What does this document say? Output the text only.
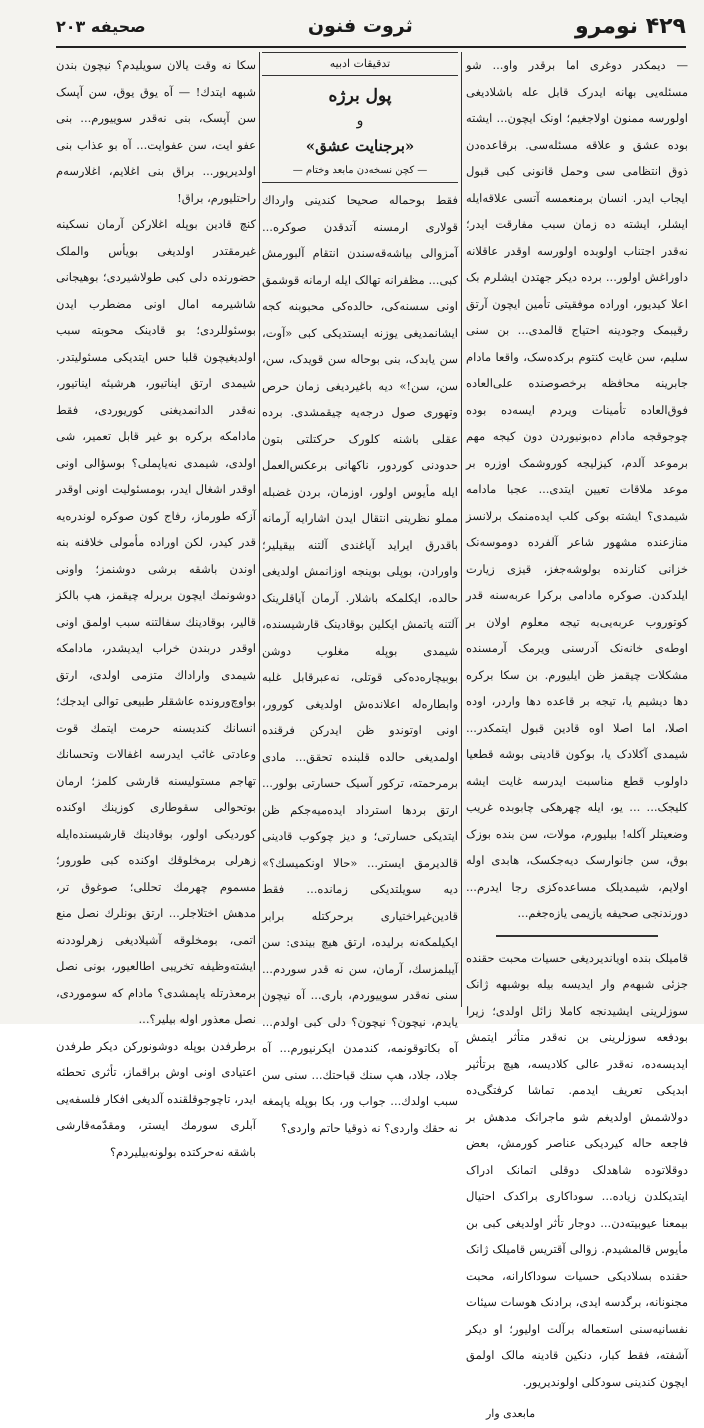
۴۲۹ نومرو
ثروت فنون
صحیفه ۲۰۳

— دیمکدر دوغری اما برقدر واو... شو مسئله‌یی بهانه ایدرک قابل عله باشلادیغی اولورسه ممنون اولاجغیم؛ اونک ایچون... ایشته بوده عشق و علاقه مسئله‌سی. برقاعده‌دن ذوق انتظامی سی وحمل قانونی کبی قبول ایجاب ایدر. انسان برمنعمسه آتسی علاقه‌ایله ایشلر، ایشته ده زمان سبب مفارقت ایدر؛ نه‌قدر اجتناب اولوبده اولورسه اوقدر عاقلانه داوراغش اولور... برده دیکر جهتدن ایشلرم بک اعلا کیدیور، اوراده موفقیتی تأمین ایچون آرتق رقیبمک وجودینه احتیاج قالمدی... بن سنی سلیم، سن غایت کنتوم برکده‌سک، واقعا مادام جابرینه محافظه برخصوصنده علی‌العاده فوق‌العاده تأمینات ویردم ایسه‌ده بوده چوجوقجه مادام ده‌بونیوردن دون کیجه مهم برموعد آلدم، کیزلیجه کوروشمک اوزره بر موعد ملاقات تعیین ایتدی... عجبا مادامه شیمدی؟ ایشته بوکی کلب ایده‌منمک برلانسز منازعنده مشهور شاعر آلفرده دوموسه‌نک خزانی کنارنده بولوشه‌جغز، قیزی زیارت ایلدکدن. صوکره مادامی برکرا عربه‌سنه قدر کوتوروب عربه‌یی‌به تیجه معلوم اولان بر اوطه‌ی خانه‌نک آدرسنی ویرمک آرمسنده مشکلات چیقمز ظن ایلیورم. بن سکا برکره دها دیشیم یا، تیجه بر قاعده دها واردر، اوده اصلا، اما اصلا اوه قادین قبول ایتمکدر... شیمدی آکلادک یا، بوکون قادینی بوشه قطعیا داولوب قطع مناسبت ایدرسه غایت ایشه کلیجک... ... یو، ایله چهرهکی چابوبده غریب وضعیتلر آکله! بیلیورم، مولات، سن بنده بوزک بوق، سن جانوارسک دیه‌جکسک، هابدی اوله اولایم، شیمدیلک مساعده‌کزی رجا ایدرم... دورندنجی صحیفه یازیمی یازه‌جغم...

قامیلک بنده اویاندیردیغی حسیات محبت حقنده جزئی شبهه‌م وار ایدیسه بیله بوشبهه‌ ژانک سوزلرینی ایشیدنجه کاملا زائل اولدی؛ زیرا بودفعه سوزلرینی بن نه‌قدر متأثر ایتمش ایدیسه‌ده، نه‌قدر عالی کلادیسه، هیچ برتأثیر ابدیکی تعریف ایدمم. تماشا کرفتگی‌ده دولاشمش اولدیغم شو ماجرانک مدهش بر فاجعه حاله کیردیکی عناصر کورمش، بعض دوقلاتوده شاهدلک دوقلی اتمانک ادراک ایتدیکلدن زیاده... سوداکاری براکدک احتیال بیمعنا عیوبیته‌دن... دوجار تأثر اولدیغی کبی بن مأیوس قالمشیدم. زوالی آقتریس قامیلک ژانک حقنده بسلادیکی حسیات سوداکارانه، محبت مجنونانه، برگدسه ایدی، برادنک هوسات سیئات نفسانیه‌سنی استعماله برآلت اولیور؛ او دیکر آشفته، فقط کبار، دنکین قادینه مالک اولمق ایچون کندینی سودکلی اولوندیریور.

مابعدی وار
تدقیقات ادبیه
پول برژه
و
«برجنایت عشق»
— کچن نسخه‌دن مابعد وختام —

فقط بوحماله صحیحا کندینی وارداك قولاری ارمسنه آتدقدن صوکره... آمزوالی بیاشه‌قه‌سندن انتقام آلبورمش کبی... مظفرانه تهالک ایله ارمانه قوشمق اونی سسنه‌کی، حالده‌کی محبوبنه کجه ایشانمدیغی یوزنه ایستدیکی کبی «آوت، سن یابدک، بنی بوحاله سن قویدک، سن، سن، سن!» دیه باغیردیغی زمان حرص وتهوری صول درجه‌یه چیقمشدی. برده عقلی باشنه کلورک حرکتلتی بتون حدودنی کوردور، ناکهانی برعکس‌العمل ایله مأیوس اولور، اوزمان، بردن غضبله مملو نظرینی انتقال ایدن اشارایه آرمانه باقدرق ایراید آیاغندی آلتنه بیقیلیر؛ واورادن، بوپلی بوینجه اوزانمش اولدیغی حالده، ایکلمکه باشلار. آرمان آیاقلرینک آلتنه یاتمش ایکلین بوقادینک قارشیسنده، شیمدی بوپله مغلوب دوشن بوبیچاره‌ده‌کی قوتلی، نه‌عبرقابل غلبه وابطاره‌له اعلانده‌ش اولدیغی کورور، اونی اوتوندو ظن ایدرکن فرقنده اولمدیغی حالده قلبنده تحقق... مادی برمرحمته، ترکور آسیک حسارتی بولور... ارتق بردها استرداد ایده‌میه‌جکم ظن ایتدیکی حسارتی؛ و دیز چوکوب قادینی قالدیرمق ایستر... «حالا اونکمیسك؟» دیه سویلتدیکی زمانده... فقط قادین‌غیراختیاری برحرکتله برابر ایکیلمکه‌نه برلیده، ارتق هیچ بیندی: سن آیبلمزسك، آرمان، سن نه قدر سوردم... سنی نه‌قدر سوییوردم، باری... آه نیچون یایدم، نیچون؟ نیچون؟ دلی کبی اولدم... آه بکاتوقونمه، کندمدن ایکرنیورم... آه جلاد، جلاد، هپ سنك قباحتك... سنی سن سبب اولدك... جواب ور، بکا بوپله یاپمغه نه حقك واردی؟ نه ذوقیا حاتم واردی؟

سکا نه وقت یالان سویلیدم؟ نیچون بندن شبهه ایتدك! — آه یوق یوق، سن آپسک سن آپسک، بنی نه‌قدر سوییورم... بنی عفو ایت، سن عفوایت... آه بو عذاب بنی اولدیریور... براق بنی اغلایم، اغلارسه‌م راحتلیورم، براق!

کنچ قادین بوپله اغلارکن آرمان نسکینه غیرمقتدر اولدیغی بویأس والملک حضورنده دلی کبی طولاشیردی؛ بوهیجانی شاشیرمه امال اونی مضطرب ایدن بوسئوللردی؛ بو قادینک محوبته سبب اولدیغیچون قلبا حس ایتدیکی مسئولیتدر. شیمدی ارتق ایناتیور، هرشیئه ایناتیور، نه‌قدر الدانمدیغنی کوریوردی، فقط مادامکه برکره بو غیر قابل تعمیر، شی اولدی، شیمدی نه‌یاپملی؟ بوسؤالی اونی اوقدر اشغال ایدر، بومسئولیت اونی اوقدر آزکه طورماز، رفاج کون صوکره لوندره‌یه قدر کیدر، لکن اوراده مأمولی خلافنه بنه اوندن باشقه برشی دوشنمز؛ واونی دوشونمك ایچون بربرله چیقمز، هپ بالکز قالیر، بوقادینك سفالتنه سبب اولمق اونی اوقدر دربندن خراب ایدیشدر، مادامکه شیمدی واراداك متزمی اولدی، ارتق بواوچ‌ورونده عاشقلر طبیعی توالی ایدجك؛ انسانك کندیسنه حرمت ایتمك قوت وعادتی غائب ایدرسه اغفالات وتحسانك تهاجم مستولیسنه قارشی کلمز؛ ارمان بوتحوالی سقوطاری کوزینك اوکنده کوردیکی اولور، بوقادینك قارشیسنده‌ایله زهرلی برمخلوقك اوکنده کبی طورور؛ مسموم چهرمك تحللی؛ صوغوق تر، مدهش اختلاجلر... ارتق بونلرك نصل منع اتمی، بومخلوقه آشیلادیغی زهرلوددنه ایشته‌وظیفه تخریبی اطالعیور، بونی نصل برمعذرتله یاپمشدی؟ مادام که سوموردی، نصل معذور اوله بیلیر؟...

برطرفدن بوپله دوشونورکن دیکر طرفدن اعتیادی اونی اوش براقماز، تأثری تحطئه ایدر، تاچوجوقلقنده آلدیغی افکار فلسفه‌یی آبلری سورمك ایستر، ومقدّمه‌قارشی باشقه نه‌حرکتده بولونه‌بیلیردم؟
